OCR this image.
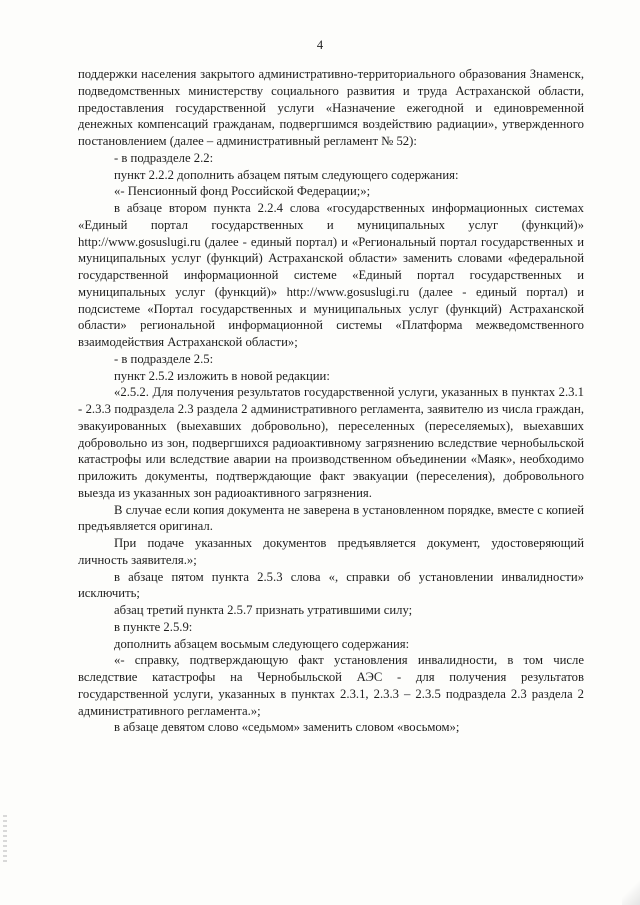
4

поддержки населения закрытого административно-территориального образования Знаменск, подведомственных министерству социального развития и труда Астраханской области, предоставления государственной услуги «Назначение ежегодной и единовременной денежных компенсаций гражданам, подвергшимся воздействию радиации», утвержденного постановлением (далее – административный регламент № 52):

- в подразделе 2.2:

пункт 2.2.2 дополнить абзацем пятым следующего содержания:

«- Пенсионный фонд Российской Федерации;»;

в абзаце втором пункта 2.2.4 слова «государственных информационных системах «Единый портал государственных и муниципальных услуг (функций)» http://www.gosuslugi.ru (далее - единый портал) и «Региональный портал государственных и муниципальных услуг (функций) Астраханской области» заменить словами «федеральной государственной информационной системе «Единый портал государственных и муниципальных услуг (функций)» http://www.gosuslugi.ru (далее - единый портал) и подсистеме «Портал государственных и муниципальных услуг (функций) Астраханской области» региональной информационной системы «Платформа межведомственного взаимодействия Астраханской области»;

- в подразделе 2.5:

пункт 2.5.2 изложить в новой редакции:

«2.5.2. Для получения результатов государственной услуги, указанных в пунктах 2.3.1 - 2.3.3 подраздела 2.3 раздела 2 административного регламента, заявителю из числа граждан, эвакуированных (выехавших добровольно), переселенных (переселяемых), выехавших добровольно из зон, подвергшихся радиоактивному загрязнению вследствие чернобыльской катастрофы или вследствие аварии на производственном объединении «Маяк», необходимо приложить документы, подтверждающие факт эвакуации (переселения), добровольного выезда из указанных зон радиоактивного загрязнения.

В случае если копия документа не заверена в установленном порядке, вместе с копией предъявляется оригинал.

При подаче указанных документов предъявляется документ, удостоверяющий личность заявителя.»;

в абзаце пятом пункта 2.5.3 слова «, справки об установлении инвалидности» исключить;

абзац третий пункта 2.5.7 признать утратившими силу;

в пункте 2.5.9:

дополнить абзацем восьмым следующего содержания:

«- справку, подтверждающую факт установления инвалидности, в том числе вследствие катастрофы на Чернобыльской АЭС - для получения результатов государственной услуги, указанных в пунктах 2.3.1, 2.3.3 – 2.3.5 подраздела 2.3 раздела 2 административного регламента.»;

в абзаце девятом слово «седьмом» заменить словом «восьмом»;
